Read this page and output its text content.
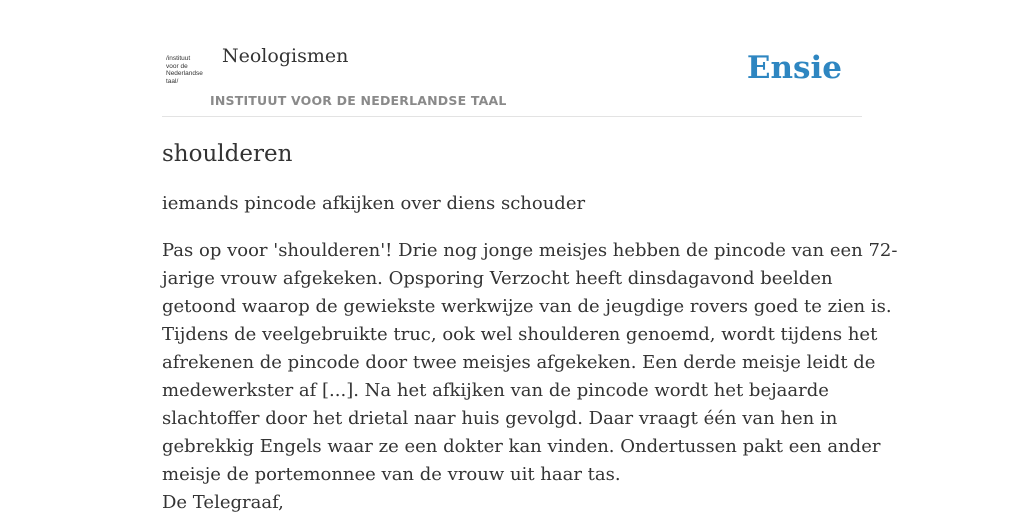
/instituut
voor de
Nederlandse
taal/
Neologismen
INSTITUUT VOOR DE NEDERLANDSE TAAL
Ensie
shoulderen

iemands pincode afkijken over diens schouder

Pas op voor 'shoulderen'! Drie nog jonge meisjes hebben de pincode van een 72-
jarige vrouw afgekeken. Opsporing Verzocht heeft dinsdagavond beelden
getoond waarop de gewiekste werkwijze van de jeugdige rovers goed te zien is.
Tijdens de veelgebruikte truc, ook wel shoulderen genoemd, wordt tijdens het
afrekenen de pincode door twee meisjes afgekeken. Een derde meisje leidt de
medewerkster af [...]. Na het afkijken van de pincode wordt het bejaarde
slachtoffer door het drietal naar huis gevolgd. Daar vraagt één van hen in
gebrekkig Engels waar ze een dokter kan vinden. Ondertussen pakt een ander
meisje de portemonnee van de vrouw uit haar tas.

De Telegraaf,
